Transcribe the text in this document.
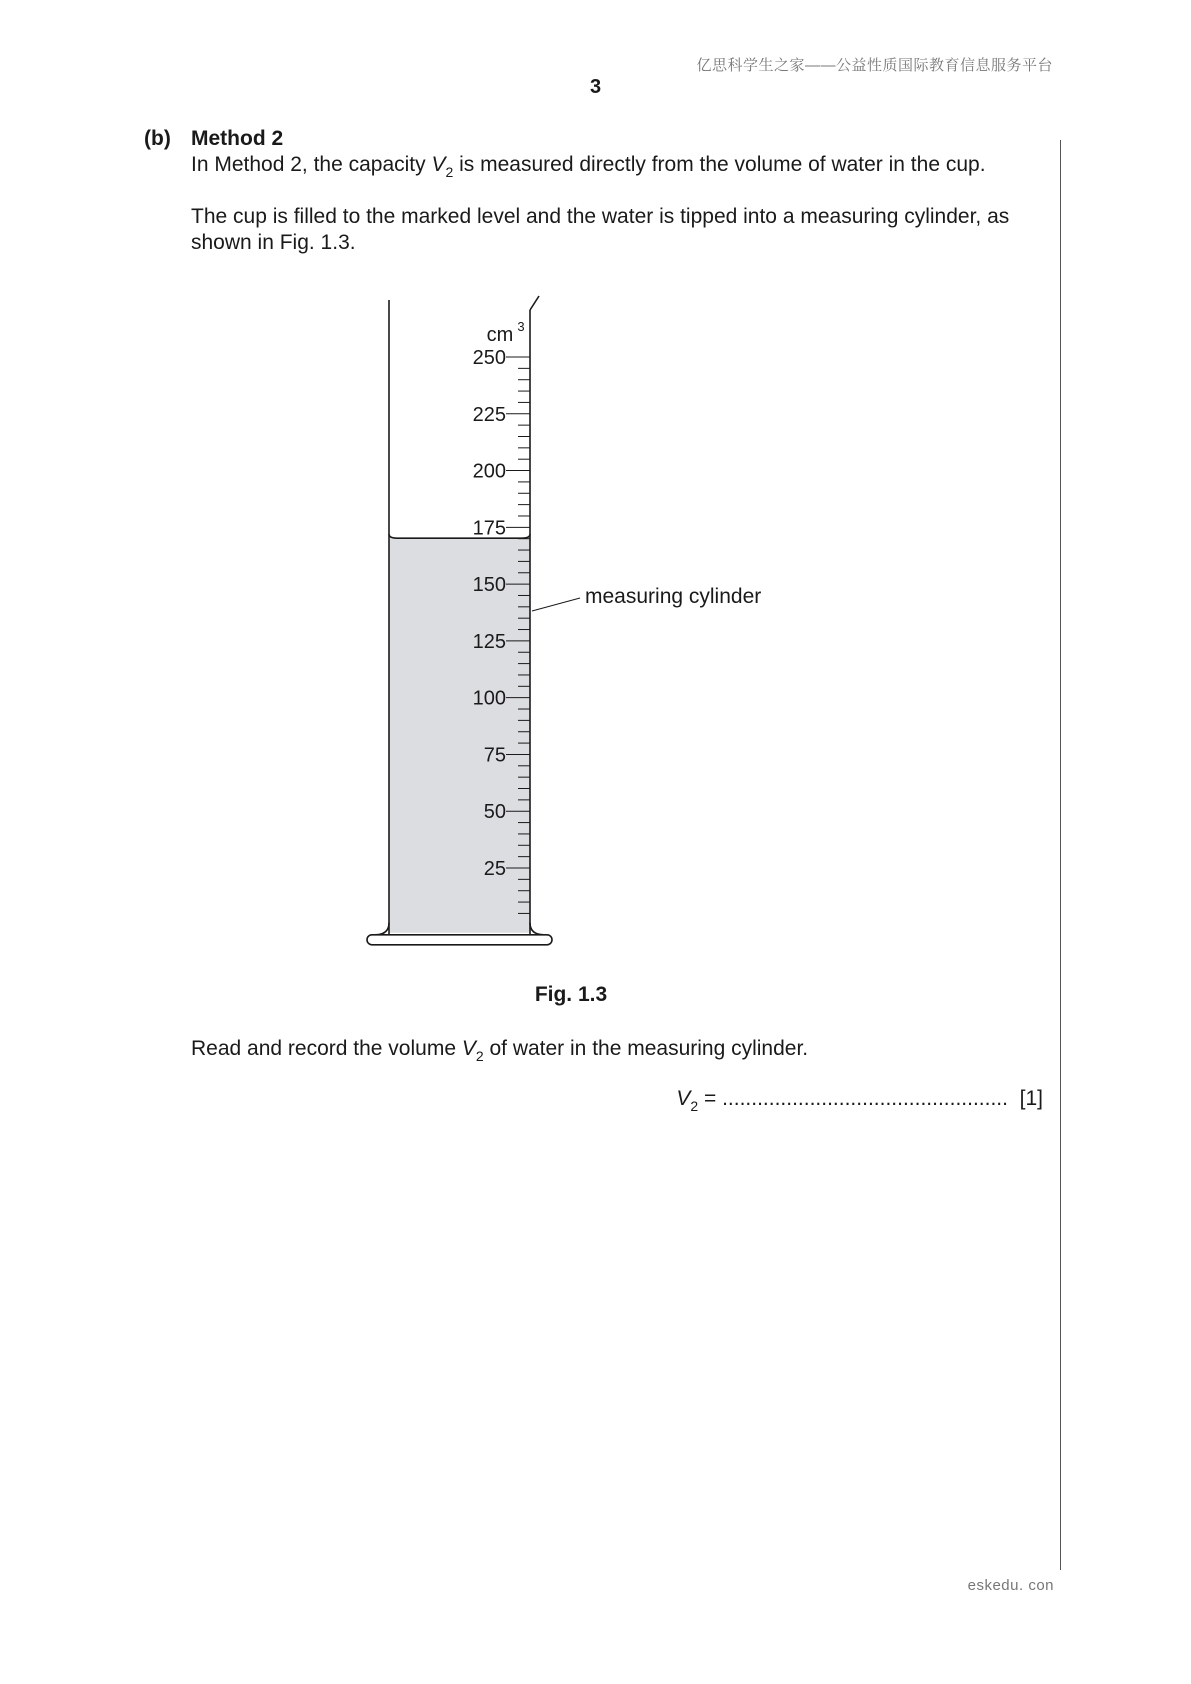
亿思科学生之家——公益性质国际教育信息服务平台
3
(b) Method 2
In Method 2, the capacity $V_2$ is measured directly from the volume of water in the cup.
The cup is filled to the marked level and the water is tipped into a measuring cylinder, as shown in Fig. 1.3.
250
225
200
175
150
125
100
75
50
25
cm 3
measuring cylinder
Fig. 1.3
Read and record the volume $V_2$ of water in the measuring cylinder.
$V_2$ = ................................................. [1]
eskedu. con
